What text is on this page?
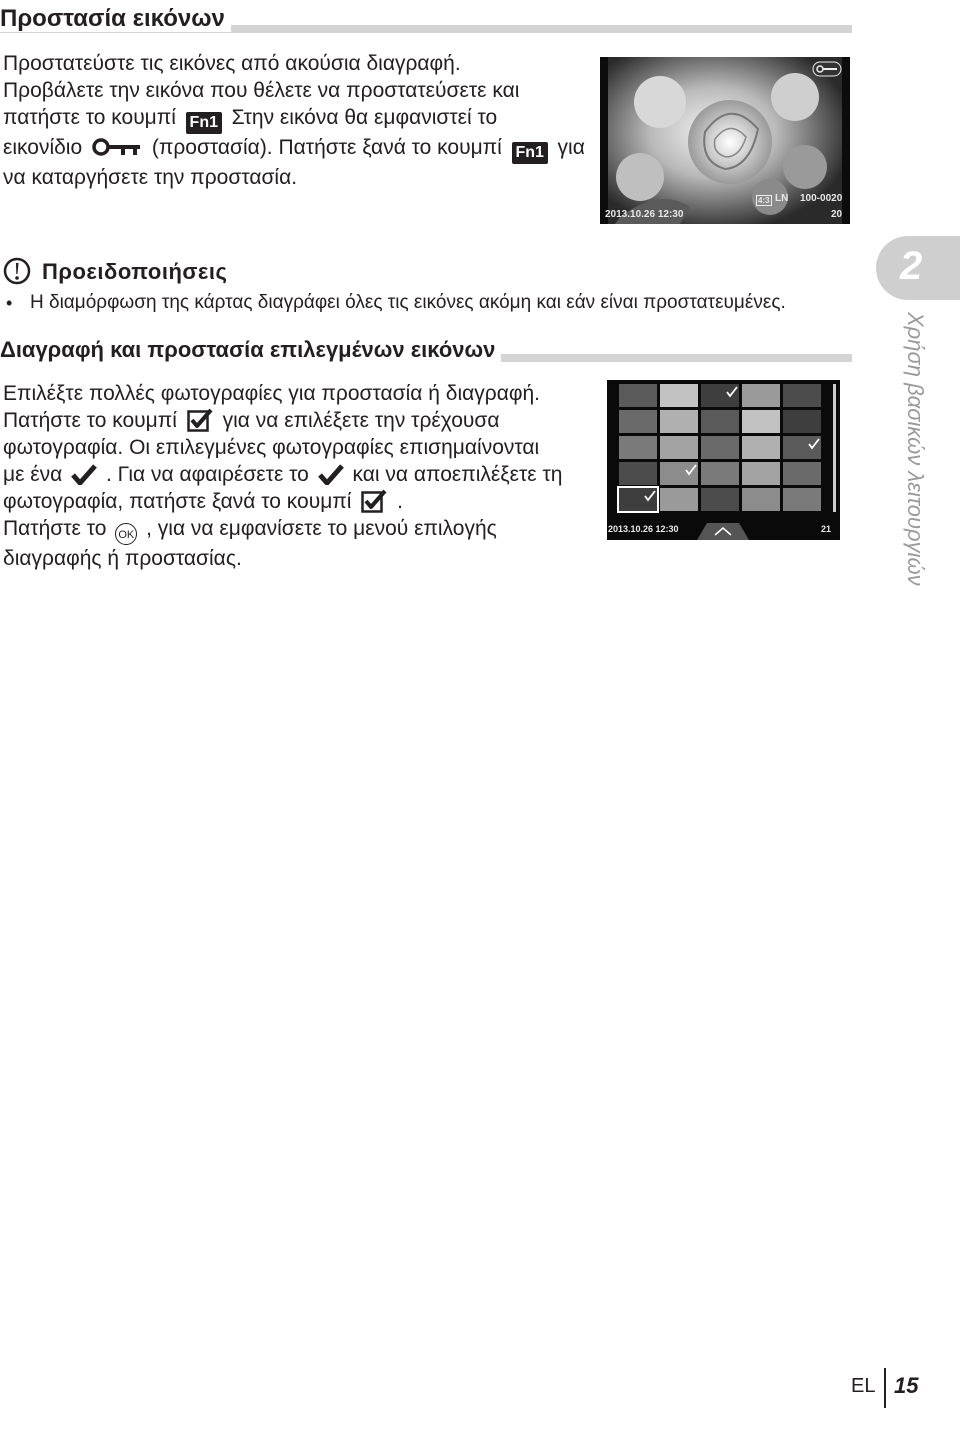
Προστασία εικόνων
Προστατεύστε τις εικόνες από ακούσια διαγραφή.
Προβάλετε την εικόνα που θέλετε να προστατεύσετε και
πατήστε το κουμπί Fn1 Στην εικόνα θα εμφανιστεί το
εικονίδιο	(προστασία). Πατήστε ξανά το κουμπί Fn1 για
να καταργήσετε την προστασία.
4:3 LN 100-0020
2013.10.26 12:30	20
Προειδοποιήσεις
• Η διαμόρφωση της κάρτας διαγράφει όλες τις εικόνες ακόμη και εάν είναι προστατευμένες.
Διαγραφή και προστασία επιλεγμένων εικόνων
Επιλέξτε πολλές φωτογραφίες για προστασία ή διαγραφή.
Πατήστε το κουμπί για να επιλέξετε την τρέχουσα
φωτογραφία. Οι επιλεγμένες φωτογραφίες επισημαίνονται
με ένα . Για να αφαιρέσετε το και να αποεπιλέξετε τη
φωτογραφία, πατήστε ξανά το κουμπί .
Πατήστε το OK , για να εμφανίσετε το μενού επιλογής
διαγραφής ή προστασίας.
2013.10.26 12:30	21
2
Χρήση βασικών λειτουργιών
EL 15
